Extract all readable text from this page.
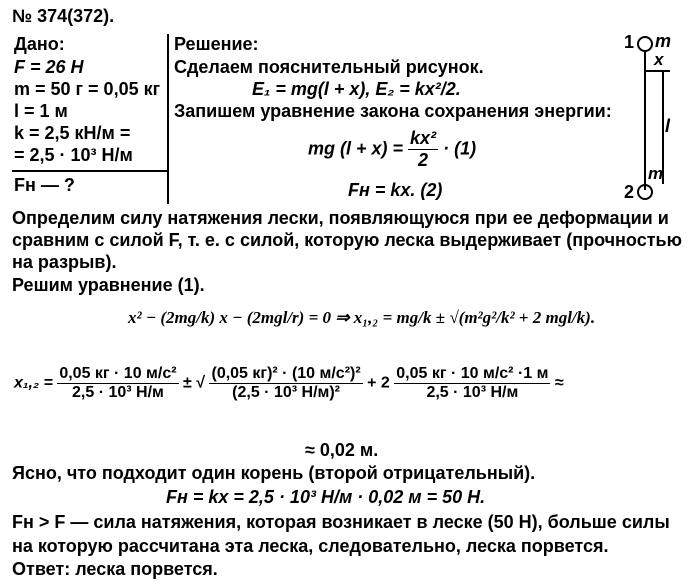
№ 374(372).
Дано:
F = 26 Н
m = 50 г = 0,05 кг
l = 1 м
k = 2,5 кН/м =
= 2,5 · 10³ Н/м
Fн — ?
Решение:
Сделаем пояснительный рисунок.
E₁ = mg(l + x), E₂ = kx²/2.
Запишем уравнение закона сохранения энергии:
mg $(l + x) = \frac{\text{kx²}}{2} \cdot (1)$
Fн = kx. (2)
1 m
x
l
2
m
Определим силу натяжения лески, появляющуюся при ее деформации и
сравним с силой F, т. е. с силой, которую леска выдерживает (прочностью
на разрыв).
Решим уравнение (1).
x² − (2mg/k) x − (2mgl/r) = 0 ⇒ x₁,₂ = mg/k ± √(m²g²/k² + 2 mgl/k).
$x_1,_2 = \frac{\text{0,05 кг · 10 м/с²}}{\text{2,5 · 10³ Н/м}}$ ± √ $\frac{\text{(0,05 кг)² · (10 м/с²)²}}{\text{(2,5 · 10³ Н/м)²}} + 2 \frac{\text{0,05 кг · 10 м/с² ·1 м}}{\text{2,5 · 10³ Н/м}}$ ≈
≈ 0,02 м.
Ясно, что подходит один корень (второй отрицательный).
Fн = kx = 2,5 · 10³ Н/м · 0,02 м = 50 Н.
Fн > F — сила натяжения, которая возникает в леске (50 Н), больше силы
на которую рассчитана эта леска, следовательно, леска порвется.
Ответ: леска порвется.
